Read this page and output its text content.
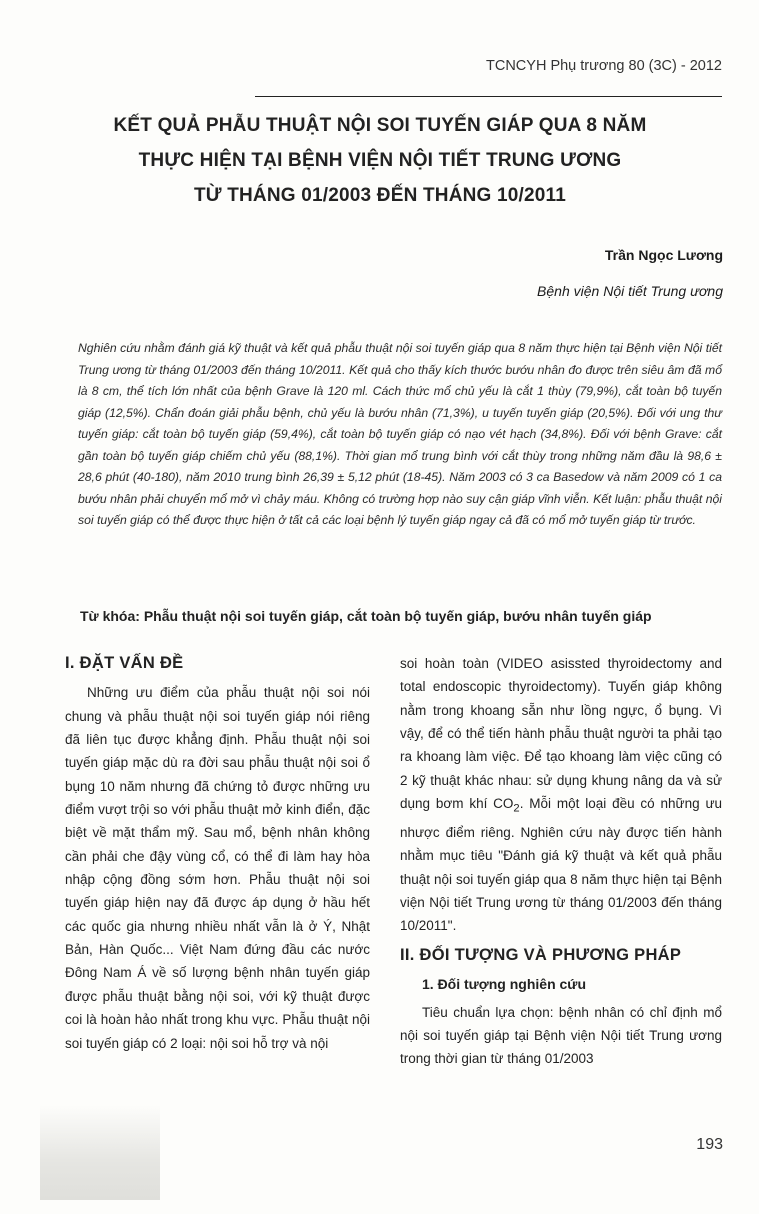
TCNCYH Phụ trương 80 (3C) - 2012
KẾT QUẢ PHẪU THUẬT NỘI SOI TUYẾN GIÁP QUA 8 NĂM
THỰC HIỆN TẠI BỆNH VIỆN NỘI TIẾT TRUNG ƯƠNG
TỪ THÁNG 01/2003 ĐẾN THÁNG 10/2011
Trần Ngọc Lương
Bệnh viện Nội tiết Trung ương
Nghiên cứu nhằm đánh giá kỹ thuật và kết quả phẫu thuật nội soi tuyến giáp qua 8 năm thực hiện tại Bệnh viện Nội tiết Trung ương từ tháng 01/2003 đến tháng 10/2011. Kết quả cho thấy kích thước bướu nhân đo được trên siêu âm đã mổ là 8 cm, thể tích lớn nhất của bệnh Grave là 120 ml. Cách thức mổ chủ yếu là cắt 1 thùy (79,9%), cắt toàn bộ tuyến giáp (12,5%). Chẩn đoán giải phẫu bệnh, chủ yếu là bướu nhân (71,3%), u tuyến tuyến giáp (20,5%). Đối với ung thư tuyến giáp: cắt toàn bộ tuyến giáp (59,4%), cắt toàn bộ tuyến giáp có nạo vét hạch (34,8%). Đối với bệnh Grave: cắt gần toàn bộ tuyến giáp chiếm chủ yếu (88,1%). Thời gian mổ trung bình với cắt thùy trong những năm đầu là 98,6 ± 28,6 phút (40-180), năm 2010 trung bình 26,39 ± 5,12 phút (18-45). Năm 2003 có 3 ca Basedow và năm 2009 có 1 ca bướu nhân phải chuyển mổ mở vì chảy máu. Không có trường hợp nào suy cận giáp vĩnh viễn. Kết luận: phẫu thuật nội soi tuyến giáp có thể được thực hiện ở tất cả các loại bệnh lý tuyến giáp ngay cả đã có mổ mở tuyến giáp từ trước.
Từ khóa: Phẫu thuật nội soi tuyến giáp, cắt toàn bộ tuyến giáp, bướu nhân tuyến giáp
I. ĐẶT VẤN ĐỀ

Những ưu điểm của phẫu thuật nội soi nói chung và phẫu thuật nội soi tuyến giáp nói riêng đã liên tục được khẳng định. Phẫu thuật nội soi tuyến giáp mặc dù ra đời sau phẫu thuật nội soi ổ bụng 10 năm nhưng đã chứng tỏ được những ưu điểm vượt trội so với phẫu thuật mở kinh điển, đặc biệt về mặt thẩm mỹ. Sau mổ, bệnh nhân không cần phải che đậy vùng cổ, có thể đi làm hay hòa nhập cộng đồng sớm hơn. Phẫu thuật nội soi tuyến giáp hiện nay đã được áp dụng ở hầu hết các quốc gia nhưng nhiều nhất vẫn là ở Ý, Nhật Bản, Hàn Quốc... Việt Nam đứng đầu các nước Đông Nam Á về số lượng bệnh nhân tuyến giáp được phẫu thuật bằng nội soi, với kỹ thuật được coi là hoàn hảo nhất trong khu vực. Phẫu thuật nội soi tuyến giáp có 2 loại: nội soi hỗ trợ và nội

soi hoàn toàn (VIDEO asissted thyroidectomy and total endoscopic thyroidectomy). Tuyến giáp không nằm trong khoang sẵn như lồng ngực, ổ bụng. Vì vậy, để có thể tiến hành phẫu thuật người ta phải tạo ra khoang làm việc. Để tạo khoang làm việc cũng có 2 kỹ thuật khác nhau: sử dụng khung nâng da và sử dụng bơm khí $CO_2$. Mỗi một loại đều có những ưu nhược điểm riêng. Nghiên cứu này được tiến hành nhằm mục tiêu "Đánh giá kỹ thuật và kết quả phẫu thuật nội soi tuyến giáp qua 8 năm thực hiện tại Bệnh viện Nội tiết Trung ương từ tháng 01/2003 đến tháng 10/2011".

II. ĐỐI TƯỢNG VÀ PHƯƠNG PHÁP
1. Đối tượng nghiên cứu

Tiêu chuẩn lựa chọn: bệnh nhân có chỉ định mổ nội soi tuyến giáp tại Bệnh viện Nội tiết Trung ương trong thời gian từ tháng 01/2003

193
